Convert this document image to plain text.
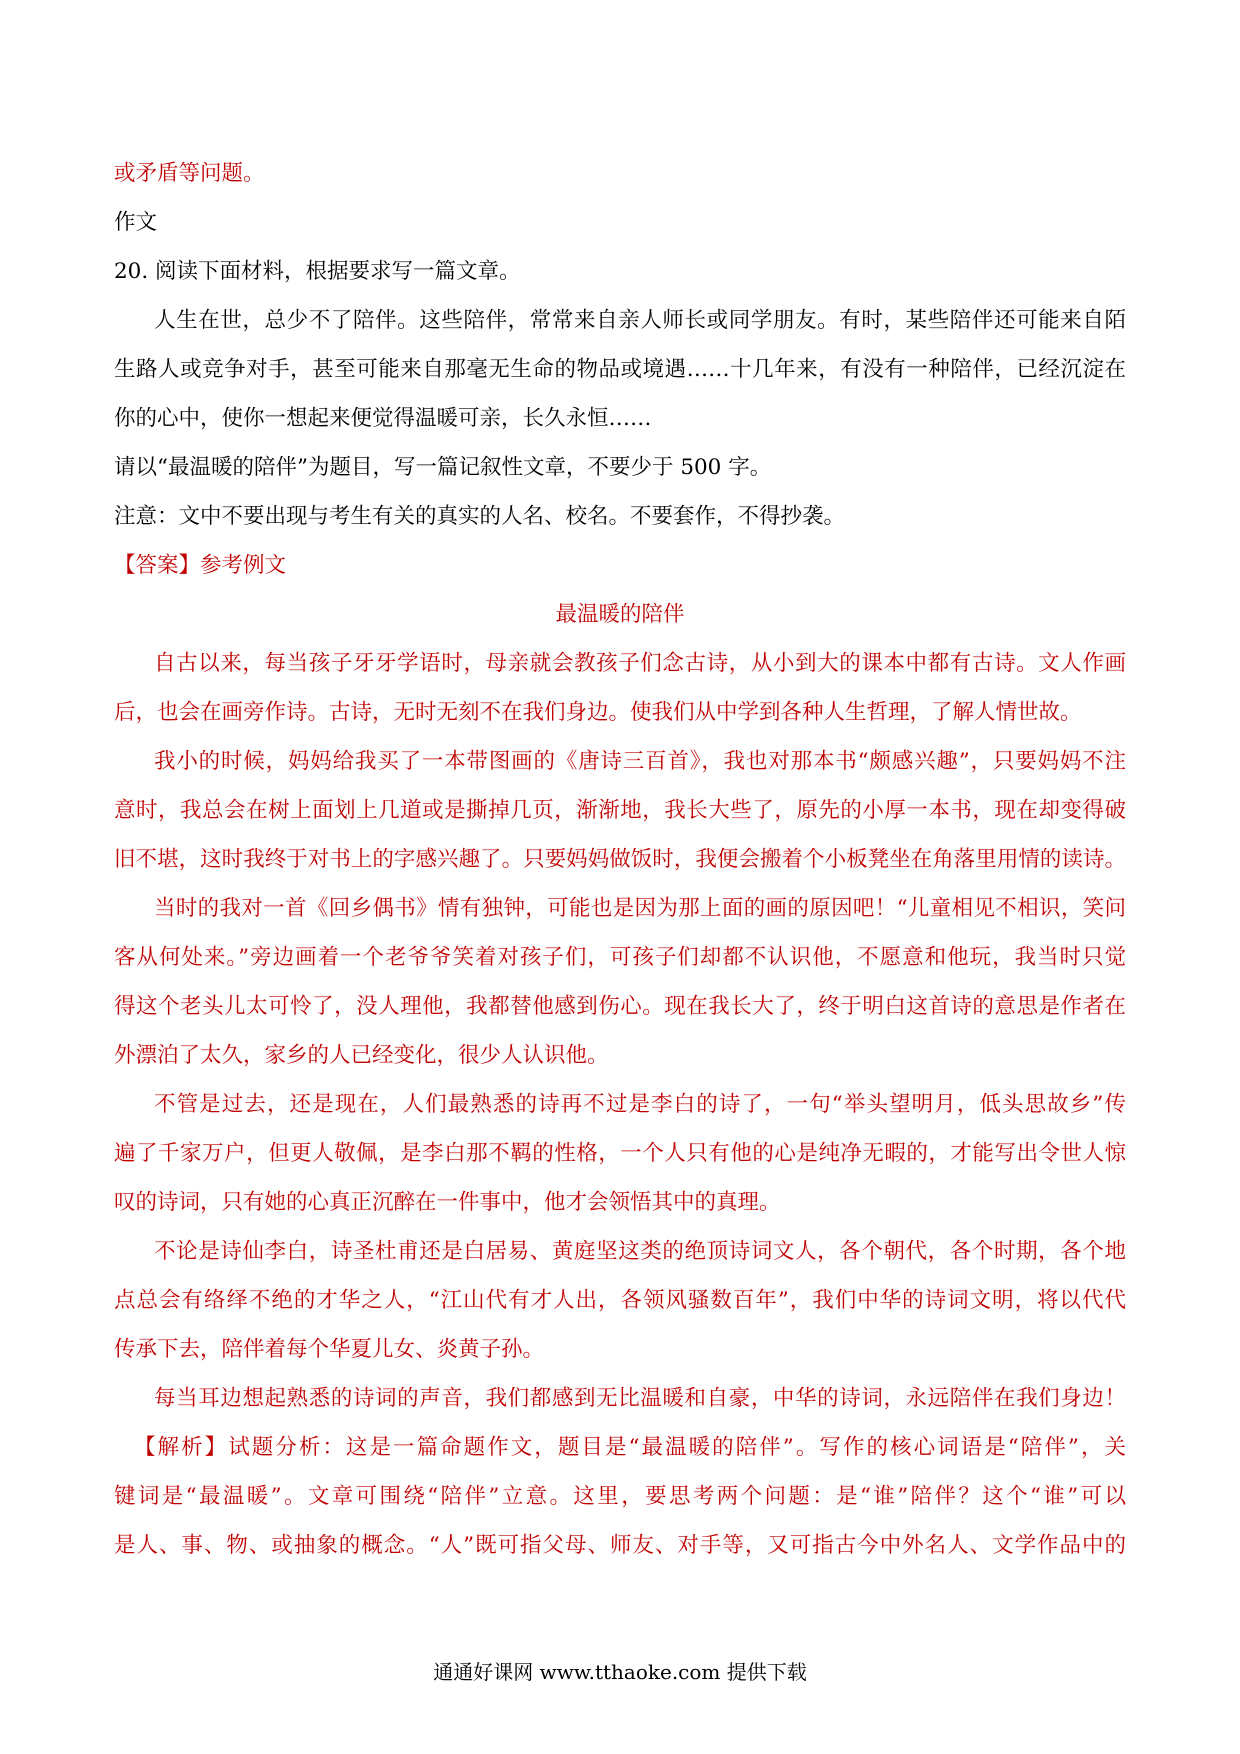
或矛盾等问题。
作文
20. 阅读下面材料，根据要求写一篇文章。
人生在世，总少不了陪伴。这些陪伴，常常来自亲人师长或同学朋友。有时，某些陪伴还可能来自陌
生路人或竞争对手，甚至可能来自那毫无生命的物品或境遇……十几年来，有没有一种陪伴，已经沉淀在
你的心中，使你一想起来便觉得温暖可亲，长久永恒……
请以“最温暖的陪伴”为题目，写一篇记叙性文章，不要少于 500 字。
注意：文中不要出现与考生有关的真实的人名、校名。不要套作，不得抄袭。
【答案】参考例文
最温暖的陪伴
自古以来，每当孩子牙牙学语时，母亲就会教孩子们念古诗，从小到大的课本中都有古诗。文人作画
后，也会在画旁作诗。古诗，无时无刻不在我们身边。使我们从中学到各种人生哲理，了解人情世故。
我小的时候，妈妈给我买了一本带图画的《唐诗三百首》，我也对那本书“颇感兴趣”，只要妈妈不注
意时，我总会在树上面划上几道或是撕掉几页，渐渐地，我长大些了，原先的小厚一本书，现在却变得破
旧不堪，这时我终于对书上的字感兴趣了。只要妈妈做饭时，我便会搬着个小板凳坐在角落里用情的读诗。
当时的我对一首《回乡偶书》情有独钟，可能也是因为那上面的画的原因吧！“儿童相见不相识，笑问
客从何处来。”旁边画着一个老爷爷笑着对孩子们，可孩子们却都不认识他，不愿意和他玩，我当时只觉
得这个老头儿太可怜了，没人理他，我都替他感到伤心。现在我长大了，终于明白这首诗的意思是作者在
外漂泊了太久，家乡的人已经变化，很少人认识他。
不管是过去，还是现在，人们最熟悉的诗再不过是李白的诗了，一句“举头望明月，低头思故乡”传
遍了千家万户，但更人敬佩，是李白那不羁的性格，一个人只有他的心是纯净无暇的，才能写出令世人惊
叹的诗词，只有她的心真正沉醉在一件事中，他才会领悟其中的真理。
不论是诗仙李白，诗圣杜甫还是白居易、黄庭坚这类的绝顶诗词文人，各个朝代，各个时期，各个地
点总会有络绎不绝的才华之人，“江山代有才人出，各领风骚数百年”，我们中华的诗词文明，将以代代
传承下去，陪伴着每个华夏儿女、炎黄子孙。
每当耳边想起熟悉的诗词的声音，我们都感到无比温暖和自豪，中华的诗词，永远陪伴在我们身边！
【解析】试题分析：这是一篇命题作文，题目是“最温暖的陪伴”。写作的核心词语是“陪伴”，关
键词是“最温暖”。文章可围绕“陪伴”立意。这里，要思考两个问题：是“谁”陪伴？这个“谁”可以
是人、事、物、或抽象的概念。“人”既可指父母、师友、对手等，又可指古今中外名人、文学作品中的
通通好课网 www.tthaoke.com 提供下载
